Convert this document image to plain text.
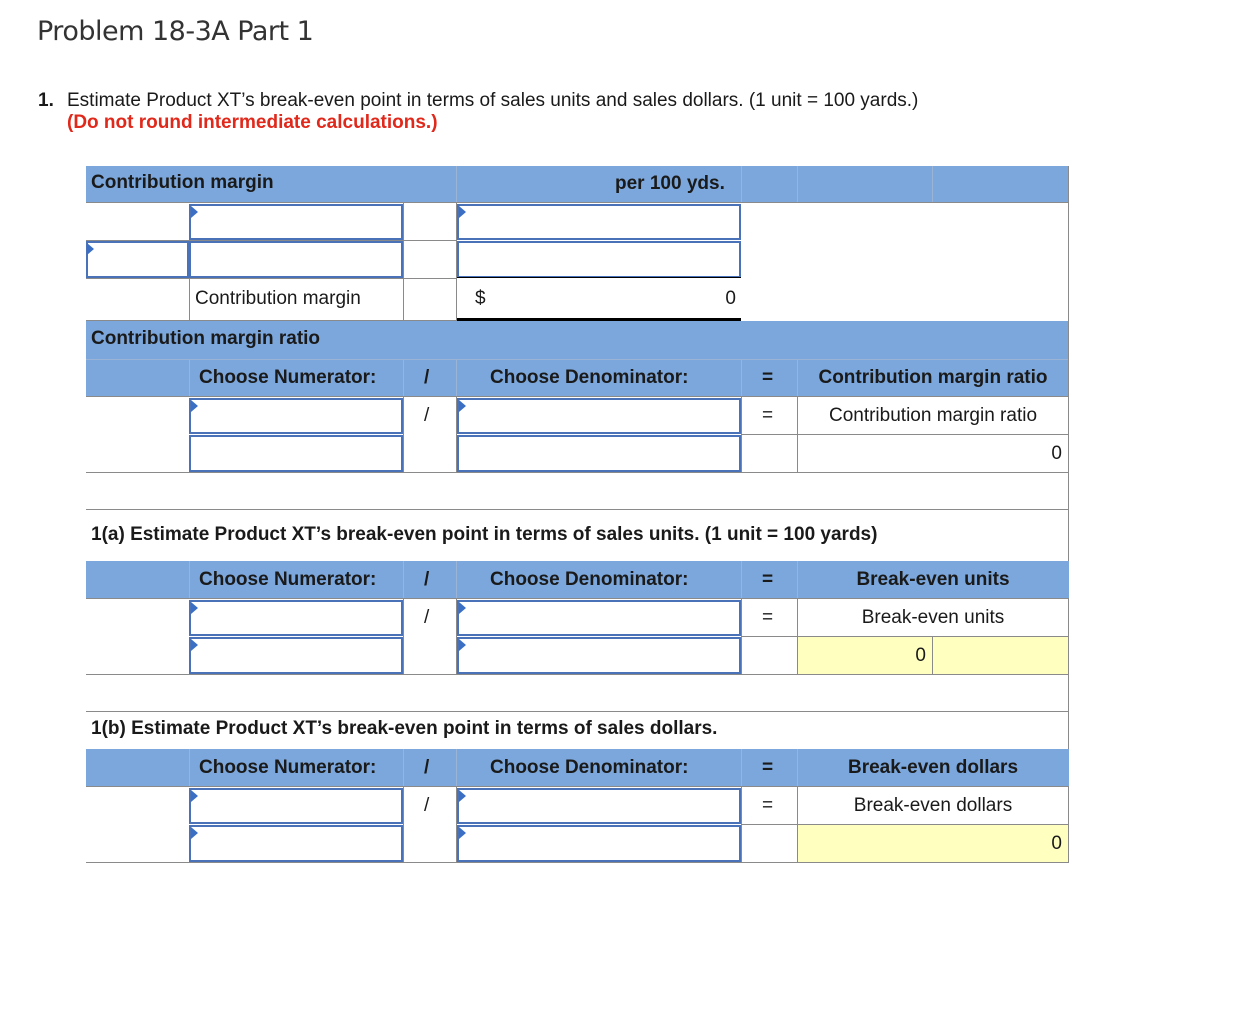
Problem 18-3A Part 1
1. Estimate Product XT’s break-even point in terms of sales units and sales dollars. (1 unit = 100 yards.)
(Do not round intermediate calculations.)
Contribution margin	per 100 yds.
Contribution margin	$	0
Contribution margin ratio
Choose Numerator:	/	Choose Denominator:	=	Contribution margin ratio
/	=	Contribution margin ratio
0
1(a) Estimate Product XT’s break-even point in terms of sales units. (1 unit = 100 yards)
Choose Numerator:	/	Choose Denominator:	=	Break-even units
/	=	Break-even units
0
1(b) Estimate Product XT’s break-even point in terms of sales dollars.
Choose Numerator:	/	Choose Denominator:	=	Break-even dollars
/	=	Break-even dollars
0
